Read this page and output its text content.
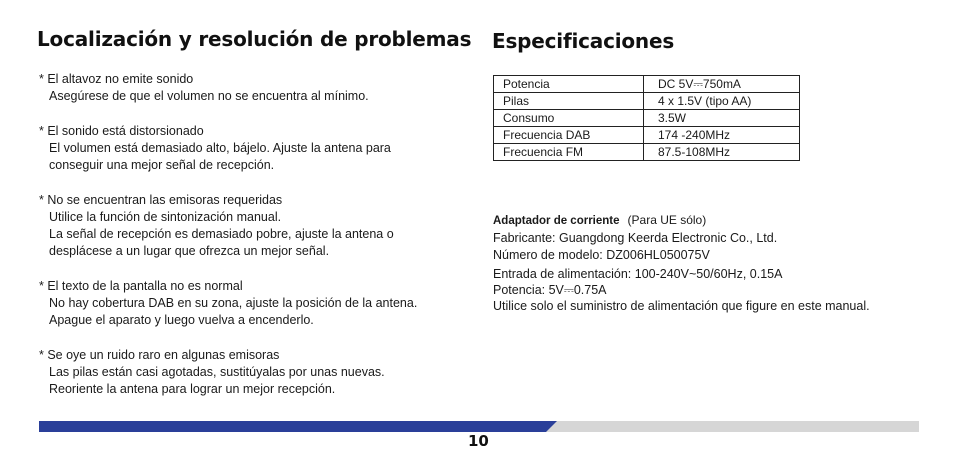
Localización y resolución de problemas
* El altavoz no emite sonido
Asegúrese de que el volumen no se encuentra al mínimo.
* El sonido está distorsionado
El volumen está demasiado alto, bájelo. Ajuste la antena para
conseguir una mejor señal de recepción.
* No se encuentran las emisoras requeridas
Utilice la función de sintonización manual.
La señal de recepción es demasiado pobre, ajuste la antena o
desplácese a un lugar que ofrezca un mejor señal.
* El texto de la pantalla no es normal
No hay cobertura DAB en su zona, ajuste la posición de la antena.
Apague el aparato y luego vuelva a encenderlo.
* Se oye un ruido raro en algunas emisoras
Las pilas están casi agotadas, sustitúyalas por unas nuevas.
Reoriente la antena para lograr un mejor recepción.
Especificaciones
Potencia	DC 5V⎓750mA
Pilas	4 x 1.5V (tipo AA)
Consumo	3.5W
Frecuencia DAB	174 -240MHz
Frecuencia FM	87.5-108MHz
Adaptador de corriente (Para UE sólo)
Fabricante: Guangdong Keerda Electronic Co., Ltd.
Número de modelo: DZ006HL050075V
Entrada de alimentación: 100-240V~50/60Hz, 0.15A
Potencia: 5V⎓0.75A
Utilice solo el suministro de alimentación que figure en este manual.
10
